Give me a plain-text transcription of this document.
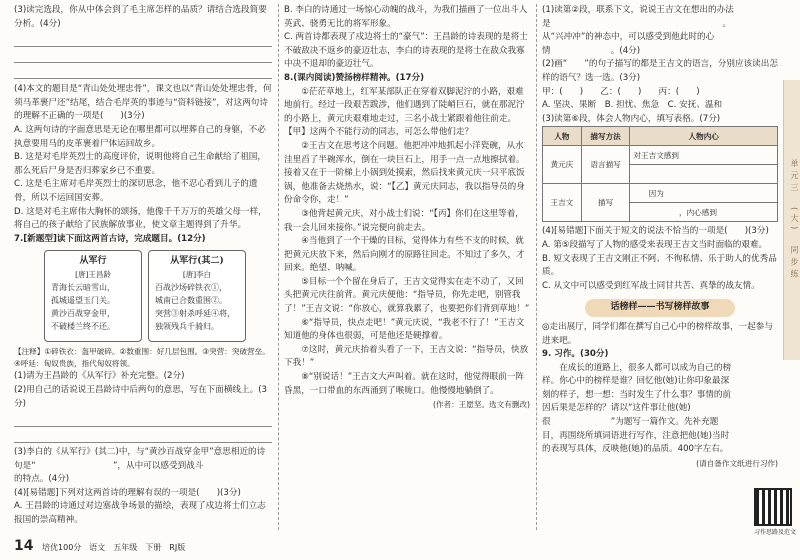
(3)读完选段，你从中体会到了毛主席怎样的品质？请结合选段简要分析。(4分)

(4)本文的题目是“青山处处埋忠骨”，课文也以“青山处处埋忠骨，何须马革裹尸还”结尾，结合毛岸英的事迹与“资料链接”，对这两句诗的理解不正确的一项是(　　)(3分)

A. 这两句诗的字面意思是无论在哪里都可以埋葬自己的身躯，不必执意要用马的皮革裹着尸体运回故乡。

B. 这是对毛岸英烈士的高度评价，说明他将自己生命献给了祖国，那么死后尸身是否归葬家乡已不重要。

C. 这是毛主席对毛岸英烈士的深切思念，他不忍心看到儿子的遗骨，所以不运回国安葬。

D. 这是对毛主席伟大胸怀的颂扬，他像千千万万的英雄父母一样，将自己的孩子献给了民族解放事业，使文章主题得到了升华。

7.[新题型]读下面这两首古诗，完成题目。(12分)

从军行
[唐]王昌龄
青海长云暗雪山，
孤城遥望玉门关。
黄沙百战穿金甲，
不破楼兰终不还。
从军行(其二)
[唐]李白
百战沙场碎铁衣①，
城南已合数重围②。
突营③射杀呼延④将，
独领残兵千骑归。

【注释】①碎铁衣：盔甲破碎。②数重围：好几层包围。③突营：突破营垒。④呼延：匈奴贵族，指代匈奴将领。

(1)请为王昌龄的《从军行》补充完整。(2分)

(2)用自己的话说说王昌龄诗中后两句的意思，写在下面横线上。(3分)

(3)李白的《从军行》(其二)中，与“黄沙百战穿金甲”意思相近的诗句是“　　　　　　　　　”，从中可以感受到战斗　　　　　　　　　　的特点。(4分)

(4)[易错题]下列对这两首诗的理解有误的一项是(　　)(3分)

A. 王昌龄的诗通过对边塞战争场景的描绘，表现了戍边将士们立志报国的崇高精神。

B. 李白的诗通过一场惊心动魄的战斗，为我们描画了一位出斗人英武、骁勇无比的将军形象。

C. 两首诗都表现了戍边将士的“豪气”：王昌龄的诗表现的是将士不破敌决不返乡的豪迈壮志，李白的诗表现的是将士在敌众我寡中决不退却的豪迈壮气。

8.(课内阅读)赞扬榜样精神。(17分)

①茫茫草地上，红军某部队正在穿着双脚泥泞的小路，艰难地前行。经过一段艰苦跋涉，他们遇到了陡峭巨石，就在那泥泞的小路上，黄元庆艰难地走过，三名小战士紧跟着他往前走。【甲】这两个不能行动的同志，可怎么带他们走？

②王吉文在思考这个问题。他把冲冲地抓起小洋瓷碗，从水洼里舀了半碗浑水，倒在一块巨石上，用手一点一点地擦拭着。接着又在于一阶梯上小锅到处摸索，然后找来黄元庆一只平底饭锅，他准备去烧热水，说：“【乙】黄元庆同志，我以指导员的身份命令你，走！”

③他背起黄元庆，对小战士们说：“【丙】你们在这里等着，我一会儿回来接你。”说完便向前走去。

④当他到了一个干燥的目标，觉得体力有些不支的时候，就把黄元庆放下来，然后向刚才的原路往回走。不知过了多久，才回来。绝望、呐喊。

⑤目标一个个留在身后了，王吉文觉得实在走不动了，又回头把黄元庆往前背。黄元庆便他：“指导员，你先走吧，别管我了！”王吉文说：“你放心，就算我累了，也要把你们背到草地！”

⑥“指导员，快点走吧！”黄元庆说，“我老不行了！”王吉文知道他的身体也很弱，可是他还是硬撑着。

⑦这时，黄元庆抬着头看了一下，王吉文说：“指导员，快放下我！”

⑧“别说话！”王吉文大声叫着。就在这时，他觉得眼前一阵昏黑，一口带血的东西涌到了喉咙口。他慢慢地躺倒了。

(作者：王愿坚。选文有删改)

(1)读第②段，联系下文，说说王吉文在想出的办法是　　　　　　　　　　　　　　　　　　　　。

从“兴冲冲”的神态中，可以感受到他此时的心情　　　　　　　。(4分)

(2)画“　　”的句子描写的都是王吉文的语言，分别应该读出怎样的语气？选一选。(3分)

甲：(　　)　　乙：(　　)　　丙：(　　)

A. 坚决、果断　B. 担忧、焦急　C. 安抚、温和

(3)读第⑥段，体会人物内心，填写表格。(7分)

人物	描写方法	人物内心
黄元庆	语言描写	对王吉文感到　　　　　　

王吉文	描写	　　因为　　　　　　　　　　
		　　　　　　，内心感到　　　

(4)[易错题]下面关于短文的说法不恰当的一项是(　　)(3分)

A. 第⑤段描写了人物的感受来表现王吉文当时面临的艰难。

B. 短文表现了王吉文刚正不阿、不徇私情、乐于助人的优秀品质。

C. 从文中可以感受到红军战士同甘共苦、真挚的战友情。

话榜样——书写榜样故事

◎走出展厅，同学们都在撰写自己心中的榜样故事，一起参与进来吧。

9. 习作。(30分)

在成长的道路上，很多人都可以成为自己的榜样。你心中的榜样是谁？回忆他(她)让你印象最深刻的样子，想一想：当时发生了什么事？事情的前因后果是怎样的？请以“这件事让他(她)很　　　　　　　”为题写一篇作文。先补充题目，再围绕所填词语进行写作，注意把他(她)当时的表现写具体，反映他(她)的品质。400字左右。

(请自备作文纸进行习作)

习作思路及范文
单元三　(大)　同步练
14 培优100分　语文　五年级　下册　RJ版
